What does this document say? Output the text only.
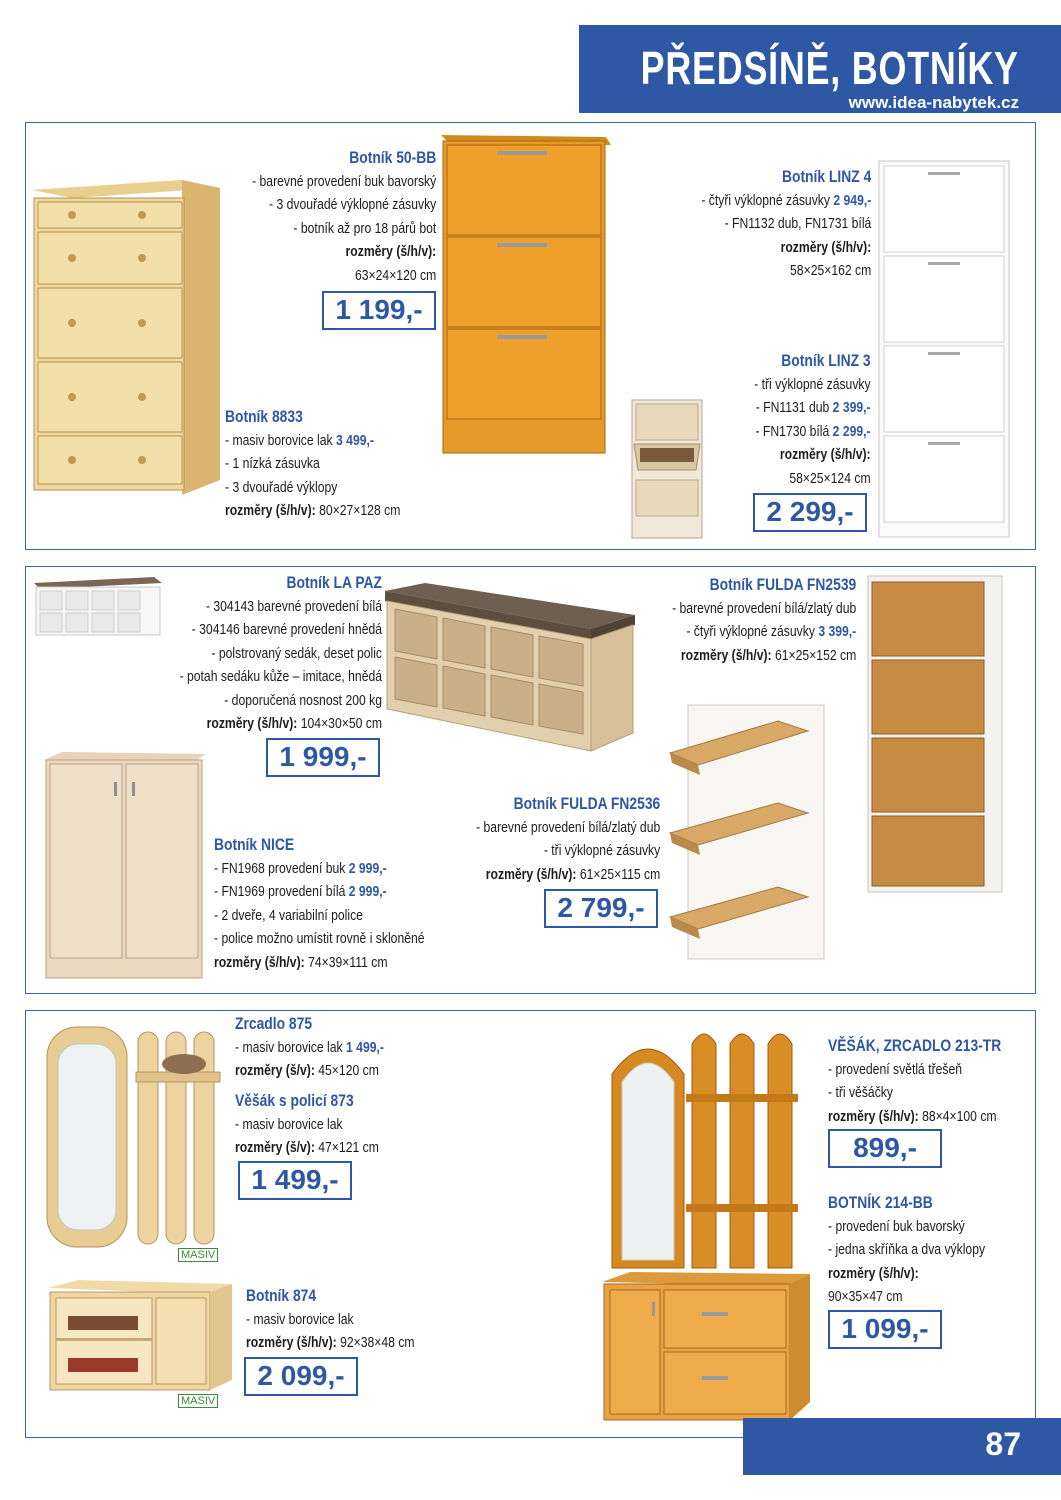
PŘEDSÍNĚ, BOTNÍKY
www.idea-nabytek.cz
Botník 50-BB
- barevné provedení buk bavorský
- 3 dvouřadé výklopné zásuvky
- botník až pro 18 párů bot
rozměry (š/h/v):
63×24×120 cm
1 199,-
Botník 8833
- masiv borovice lak 3 499,-
- 1 nízká zásuvka
- 3 dvouřadé výklopy
rozměry (š/h/v): 80×27×128 cm
Botník LINZ 4
- čtyři výklopné zásuvky 2 949,-
- FN1132 dub, FN1731 bílá
rozměry (š/h/v):
58×25×162 cm
Botník LINZ 3
- tři výklopné zásuvky
- FN1131 dub 2 399,-
- FN1730 bílá 2 299,-
rozměry (š/h/v):
58×25×124 cm
2 299,-
Botník LA PAZ
- 304143 barevné provedení bílá
- 304146 barevné provedení hnědá
- polstrovaný sedák, deset polic
- potah sedáku kůže – imitace, hnědá
- doporučená nosnost 200 kg
rozměry (š/h/v): 104×30×50 cm
1 999,-
Botník FULDA FN2539
- barevné provedení bílá/zlatý dub
- čtyři výklopné zásuvky 3 399,-
rozměry (š/h/v): 61×25×152 cm
Botník FULDA FN2536
- barevné provedení bílá/zlatý dub
- tři výklopné zásuvky
rozměry (š/h/v): 61×25×115 cm
2 799,-
Botník NICE
- FN1968 provedení buk 2 999,-
- FN1969 provedení bílá 2 999,-
- 2 dveře, 4 variabilní police
- police možno umístit rovně i skloněné
rozměry (š/h/v): 74×39×111 cm
MASIV
MASIV
Zrcadlo 875
- masiv borovice lak 1 499,-
rozměry (š/v): 45×120 cm
Věšák s policí 873
- masiv borovice lak
rozměry (š/v): 47×121 cm
1 499,-
Botník 874
- masiv borovice lak
rozměry (š/h/v): 92×38×48 cm
2 099,-
VĚŠÁK, ZRCADLO 213-TR
- provedení světlá třešeň
- tři věšáčky
rozměry (š/h/v): 88×4×100 cm
899,-
BOTNÍK 214-BB
- provedení buk bavorský
- jedna skříňka a dva výklopy
rozměry (š/h/v):
90×35×47 cm
1 099,-
87
